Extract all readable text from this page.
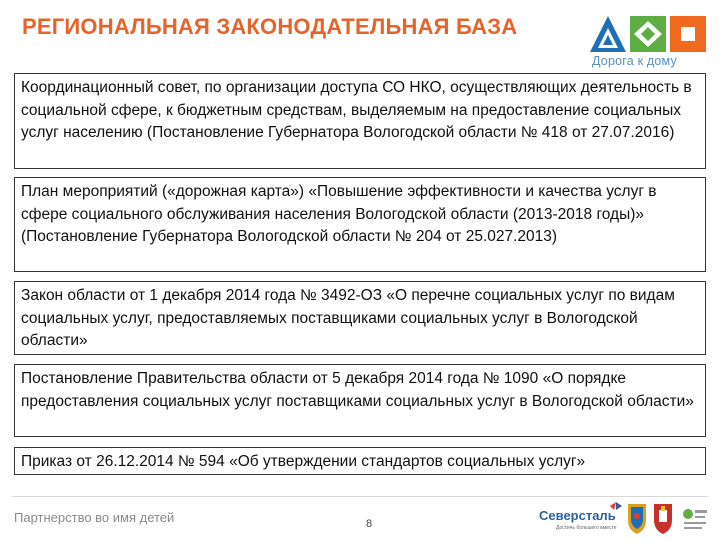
РЕГИОНАЛЬНАЯ ЗАКОНОДАТЕЛЬНАЯ БАЗА
Дорога к дому
Координационный совет, по организации доступа СО НКО, осуществляющих деятельность в социальной сфере, к бюджетным средствам, выделяемым на предоставление социальных услуг населению (Постановление Губернатора Вологодской области № 418 от 27.07.2016)
План мероприятий («дорожная карта») «Повышение эффективности и качества услуг в сфере социального обслуживания населения Вологодской области (2013-2018 годы)» (Постановление Губернатора Вологодской области № 204 от 25.027.2013)
Закон области от 1 декабря 2014 года № 3492-ОЗ «О перечне социальных услуг по видам социальных услуг, предоставляемых поставщиками социальных услуг в Вологодской области»
Постановление Правительства области от 5 декабря 2014 года № 1090 «О порядке предоставления социальных услуг поставщиками социальных услуг в Вологодской области»
Приказ от 26.12.2014 № 594 «Об утверждении стандартов социальных услуг»
Партнерство во имя детей	8
Северсталь
Достичь большего вместе
